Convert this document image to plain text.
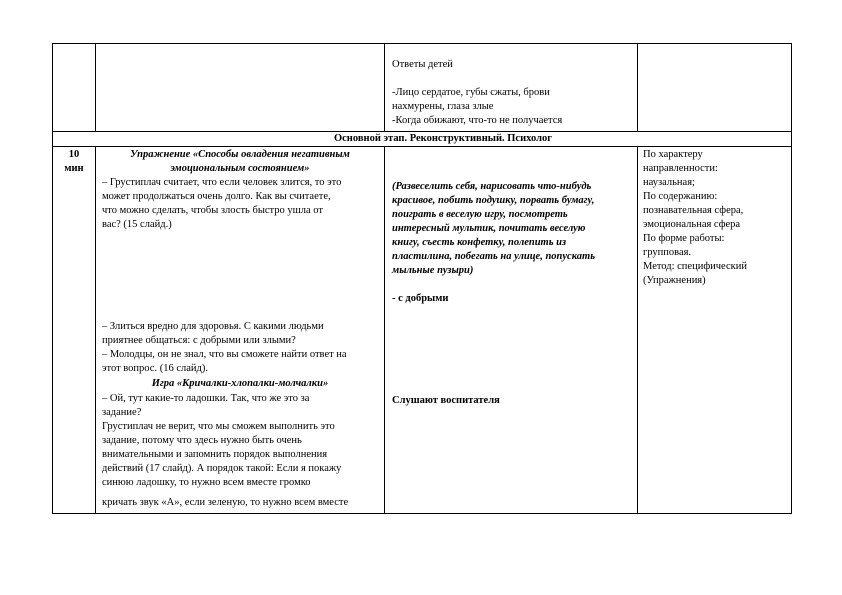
Ответы детей
-Лицо сердатое, губы сжаты, брови
нахмурены, глаза злые
-Когда обижают, что-то не получается
Основной этап. Реконструктивный. Психолог
10
мин
Упражнение «Способы овладения негативным
эмоциональным состоянием»
– Грустиплач считает, что если человек злится, то это
может продолжаться очень долго. Как вы считаете,
что можно сделать, чтобы злость быстро ушла от
вас? (15 слайд.)
– Злиться вредно для здоровья. С какими людьми
приятнее общаться: с добрыми или злыми?
– Молодцы, он не знал, что вы сможете найти ответ на
этот вопрос. (16 слайд).
Игра «Кричалки-хлопалки-молчалки»
– Ой, тут какие-то ладошки. Так, что же это за
задание?
Грустиплач не верит, что мы сможем выполнить это
задание, потому что здесь нужно быть очень
внимательными и запомнить порядок выполнения
действий (17 слайд). А порядок такой: Если я покажу
синюю ладошку, то нужно всем вместе громко
кричать звук «А», если зеленую, то нужно всем вместе
(Развеселить себя, нарисовать что-нибудь
красивое, побить подушку, порвать бумагу,
поиграть в веселую игру, посмотреть
интересный мультик, почитать веселую
книгу, съесть конфетку, полепить из
пластилина, побегать на улице, попускать
мыльные пузыри)
- с добрыми
Слушают воспитателя
По характеру
направленности:
наузальная;
По содержанию:
познавательная сфера,
эмоциональная сфера
По форме работы:
групповая.
Метод: специфический
(Упражнения)
